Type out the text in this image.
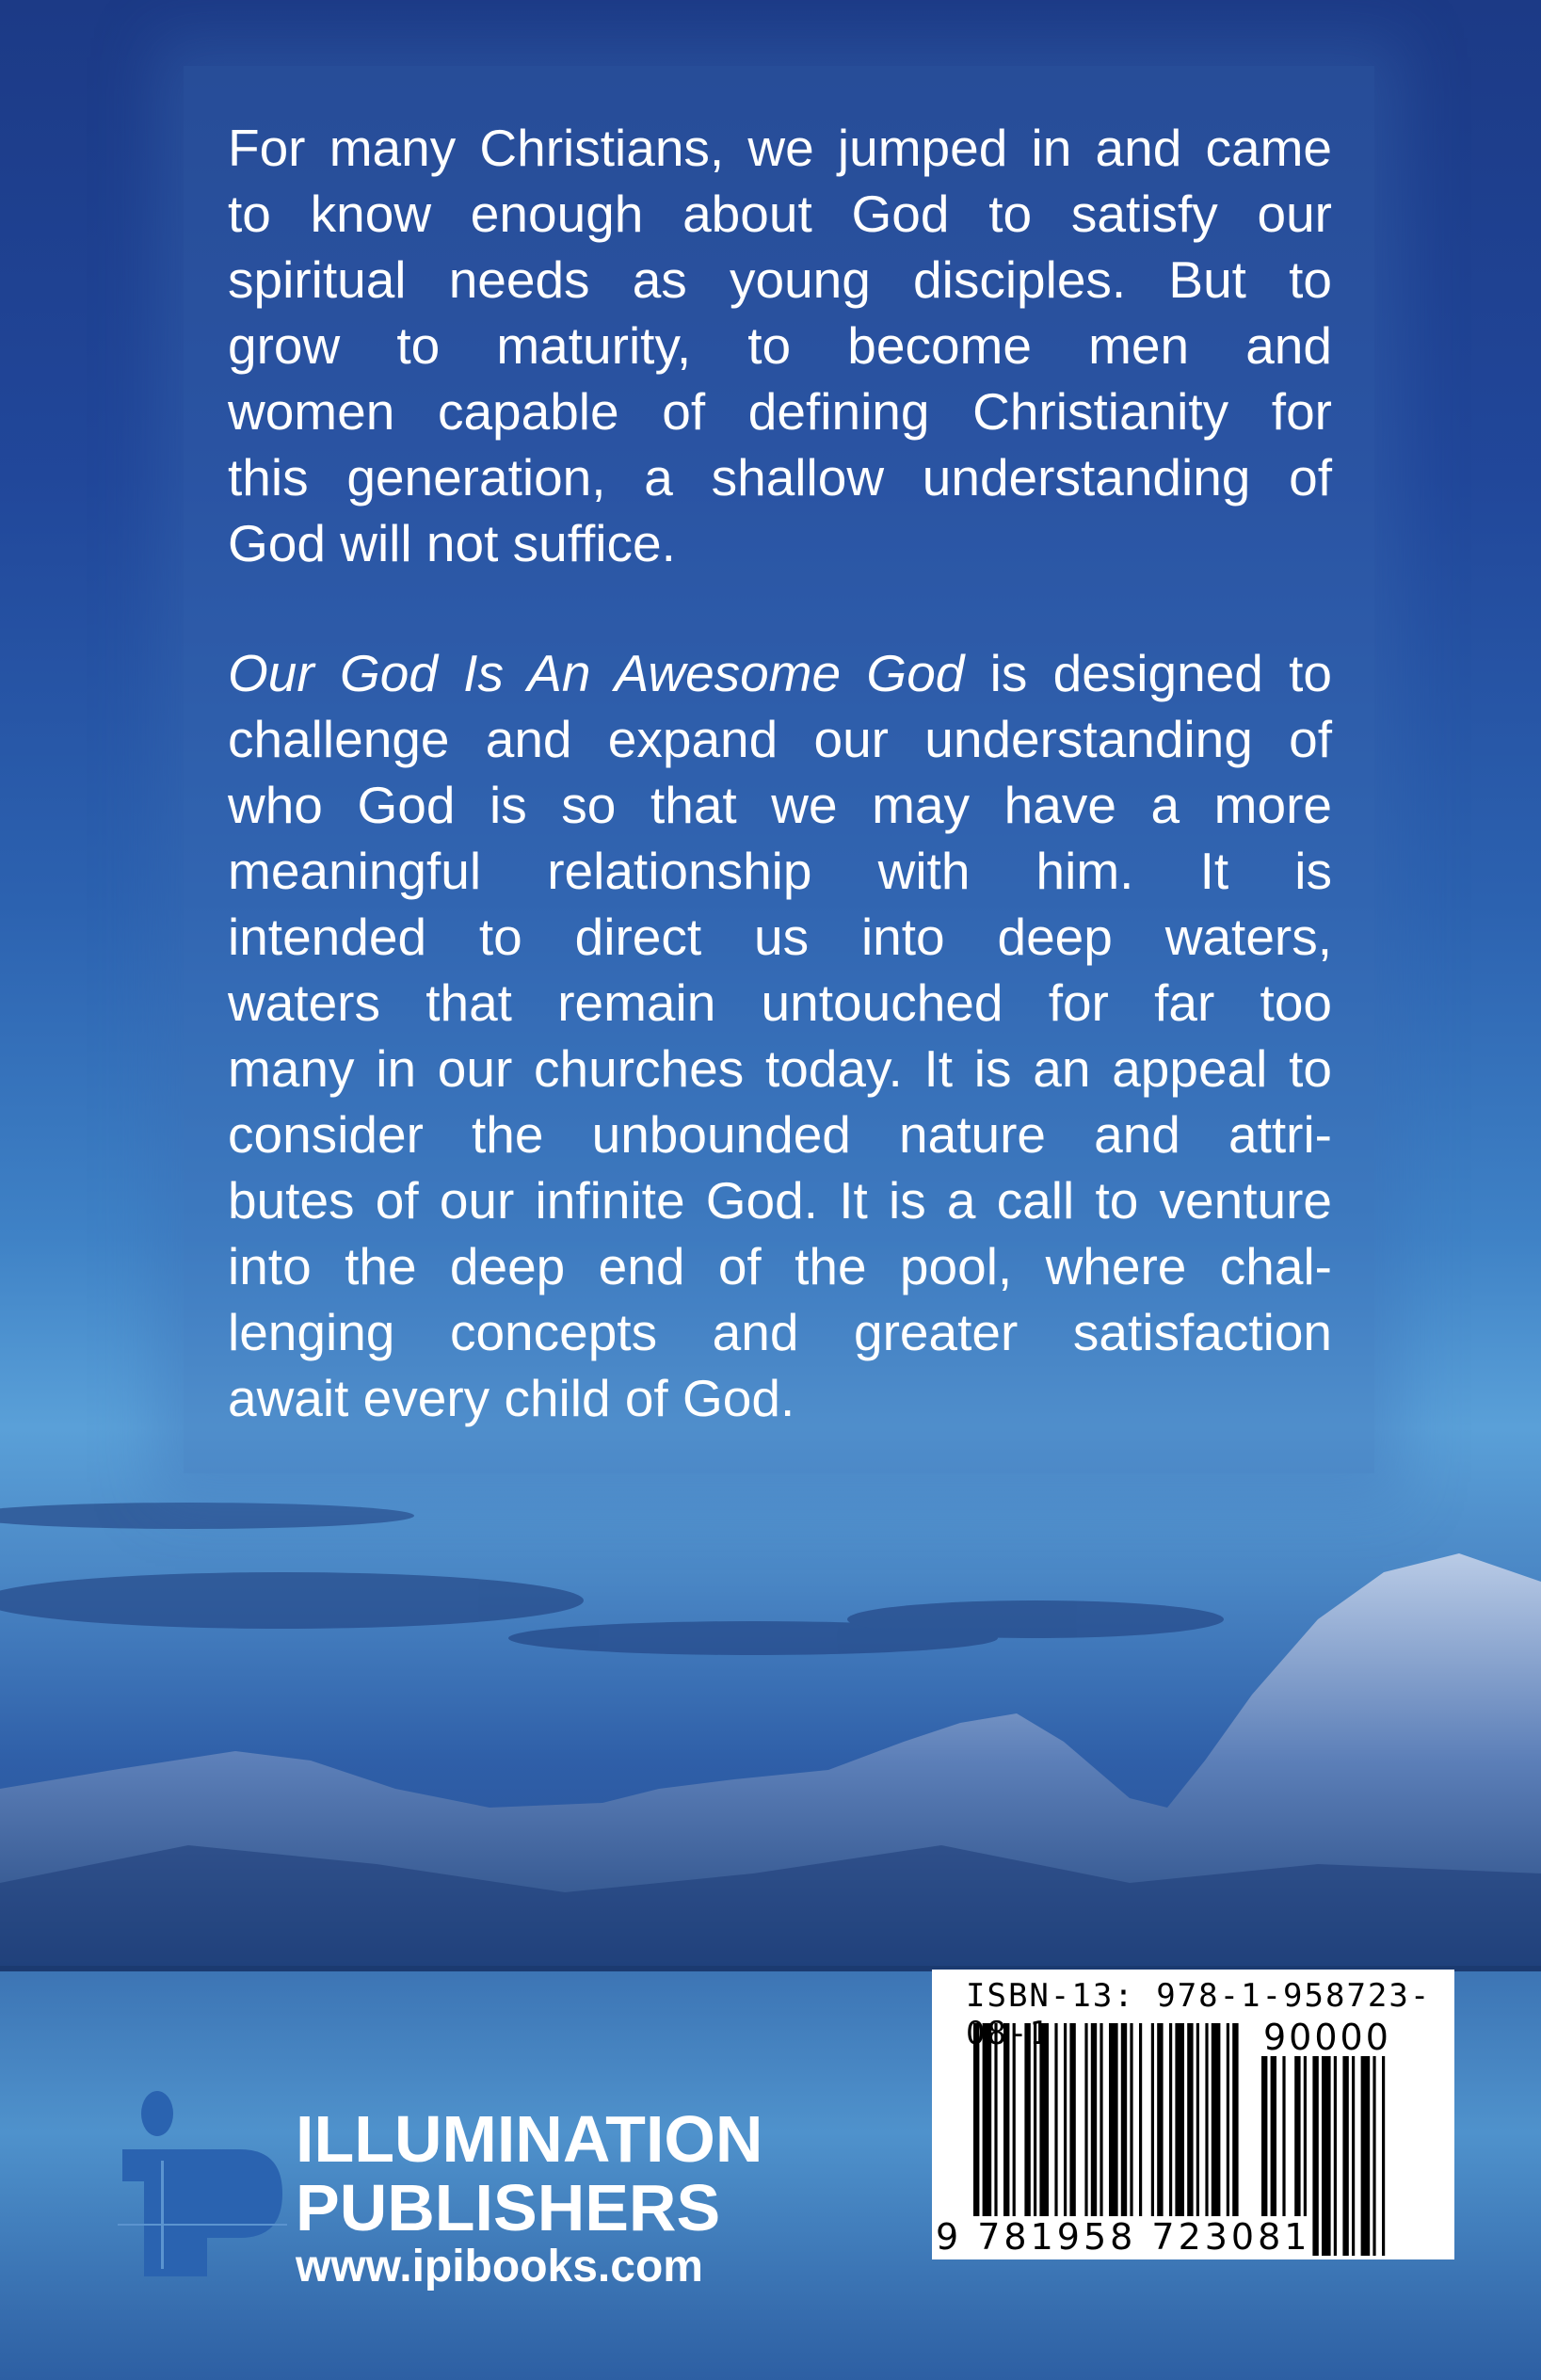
For many Christians, we jumped in and came
to know enough about God to satisfy our
spiritual needs as young disciples. But to
grow to maturity, to become men and
women capable of defining Christianity for
this generation, a shallow understanding of
God will not suffice.
Our God Is An Awesome God is designed to
challenge and expand our understanding of
who God is so that we may have a more
meaningful relationship with him. It is
intended to direct us into deep waters,
waters that remain untouched for far too
many in our churches today. It is an appeal to
consider the unbounded nature and attri-
butes of our infinite God. It is a call to venture
into the deep end of the pool, where chal-
lenging concepts and greater satisfaction
await every child of God.
ILLUMINATION
PUBLISHERS
www.ipibooks.com
ISBN-13: 978-1-958723-08-1	90000
9 781958 723081
